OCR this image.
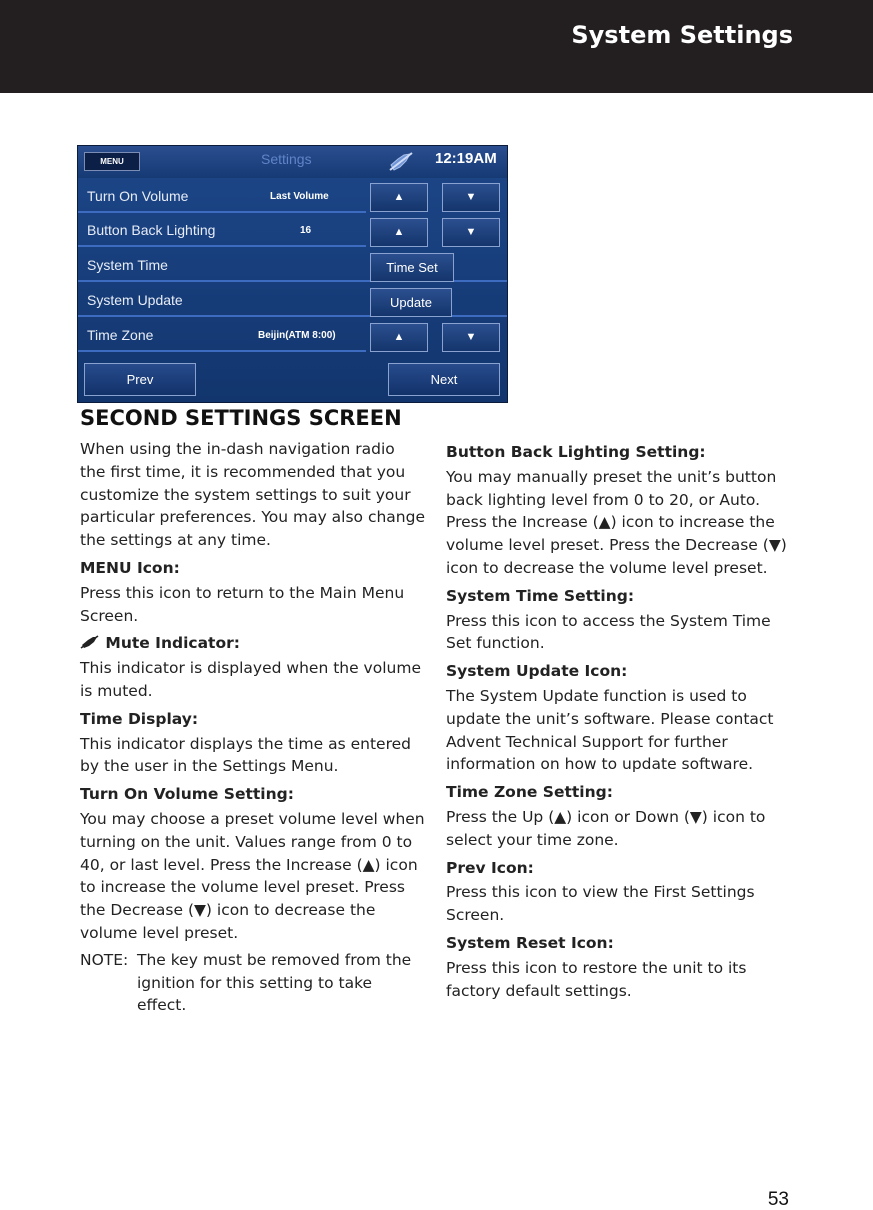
System Settings
MENU	Settings	12:19AM
Turn On Volume	Last Volume	▲	▼
Button Back Lighting	16	▲	▼
System Time	Time Set
System Update	Update
Time Zone	Beijin(ATM 8:00)	▲	▼
Prev	Next
SECOND SETTINGS SCREEN

When using the in-dash navigation radio the first time, it is recommended that you customize the system settings to suit your particular preferences. You may also change the settings at any time.

MENU Icon:

Press this icon to return to the Main Menu Screen.

Mute Indicator:

This indicator is displayed when the volume is muted.

Time Display:

This indicator displays the time as entered by the user in the Settings Menu.

Turn On Volume Setting:

You may choose a preset volume level when turning on the unit. Values range from 0 to 40, or last level. Press the Increase (▲) icon to increase the volume level preset. Press the Decrease (▼) icon to decrease the volume level preset.

NOTE: The key must be removed from the ignition for this setting to take effect.
Button Back Lighting Setting:

You may manually preset the unit’s button back lighting level from 0 to 20, or Auto. Press the Increase (▲) icon to increase the volume level preset. Press the Decrease (▼) icon to decrease the volume level preset.

System Time Setting:

Press this icon to access the System Time Set function.

System Update Icon:

The System Update function is used to update the unit’s software. Please contact Advent Technical Support for further information on how to update software.

Time Zone Setting:

Press the Up (▲) icon or Down (▼) icon to select your time zone.

Prev Icon:

Press this icon to view the First Settings Screen.

System Reset Icon:

Press this icon to restore the unit to its factory default settings.

53
